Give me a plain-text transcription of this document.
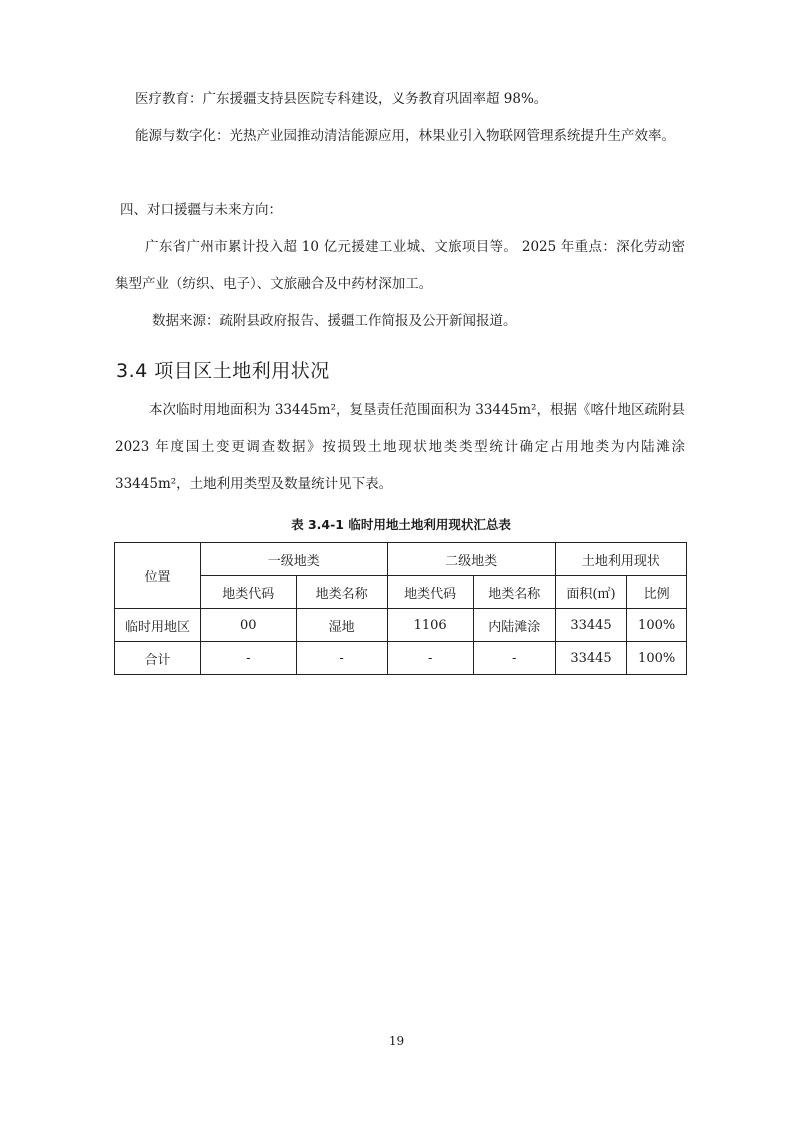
医疗教育：广东援疆支持县医院专科建设，义务教育巩固率超 98%。

能源与数字化：光热产业园推动清洁能源应用，林果业引入物联网管理系统提升生产效率。

四、对口援疆与未来方向：

广东省广州市累计投入超 10 亿元援建工业城、文旅项目等。 2025 年重点：深化劳动密集型产业（纺织、电子）、文旅融合及中药材深加工。

数据来源：疏附县政府报告、援疆工作简报及公开新闻报道。

3.4 项目区土地利用状况

本次临时用地面积为 33445m²，复垦责任范围面积为 33445m²，根据《喀什地区疏附县 2023 年度国土变更调查数据》按损毁土地现状地类类型统计确定占用地类为内陆滩涂 33445m²，土地利用类型及数量统计见下表。

表 3.4-1 临时用地土地利用现状汇总表

位置	一级地类		二级地类		土地利用现状	
	地类代码	地类名称	地类代码	地类名称	面积(㎡)	比例
临时用地区	00	湿地	1106	内陆滩涂	33445	100%
合计	-	-	-	-	33445	100%

19
